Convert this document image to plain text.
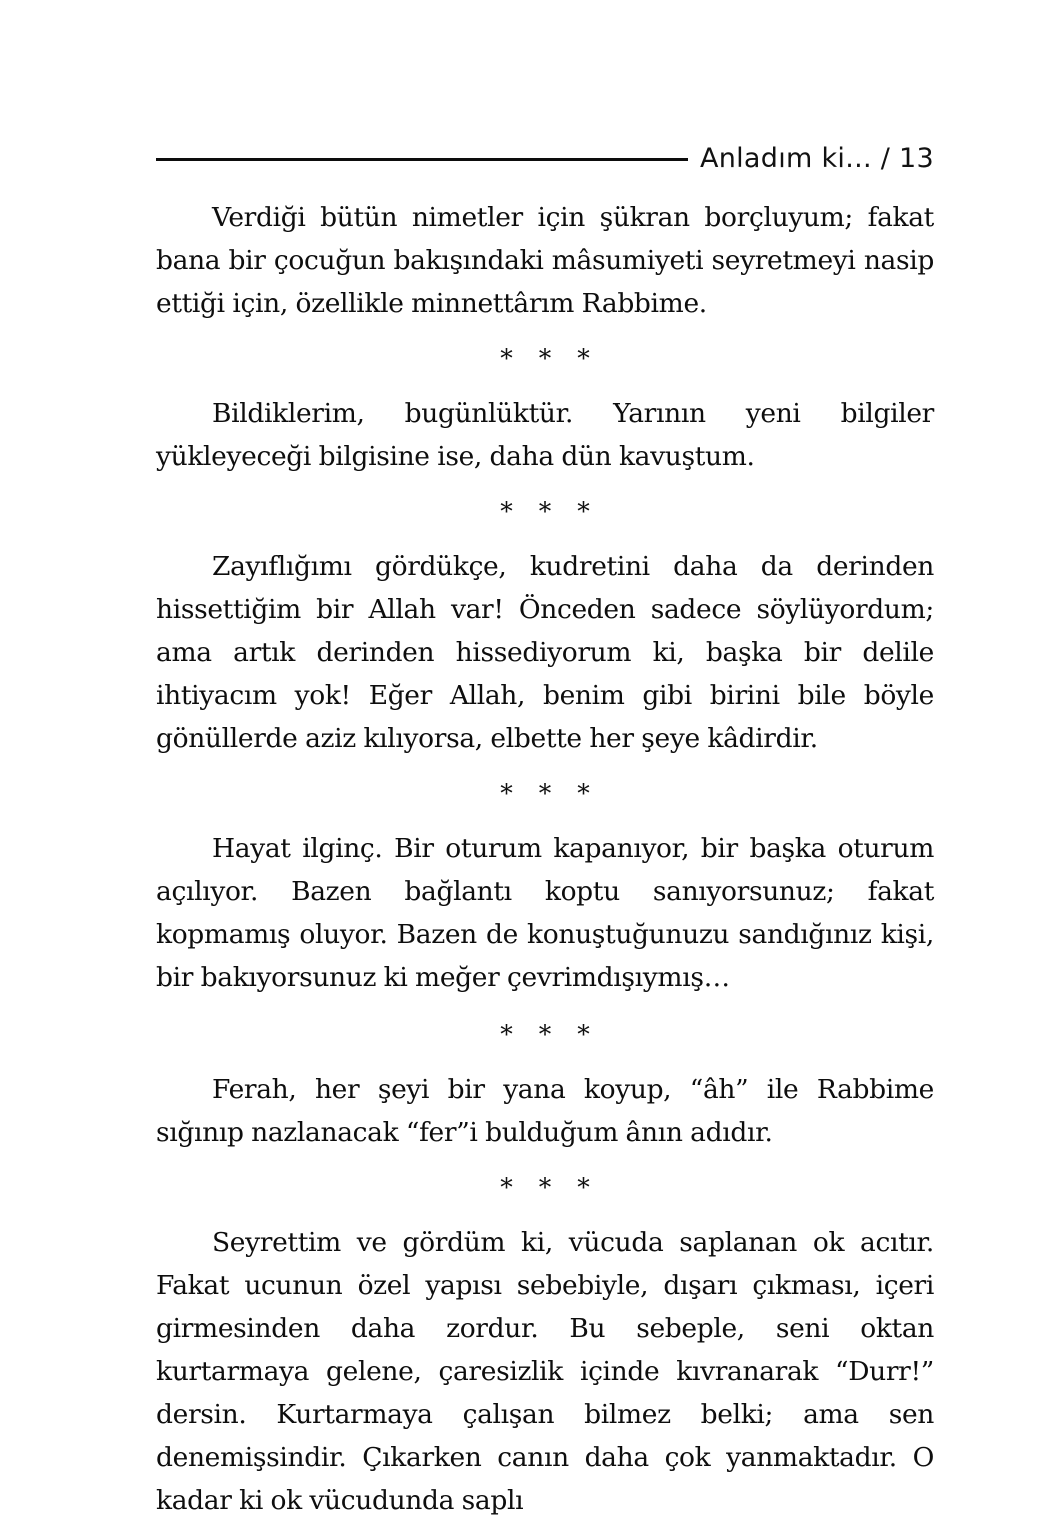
Anladım ki... / 13

Verdiği bütün nimetler için şükran borçluyum; fakat bana bir çocuğun bakışındaki mâsumiyeti seyretmeyi nasip ettiği için, özellikle minnettârım Rabbime.

* * *

Bildiklerim, bugünlüktür. Yarının yeni bilgiler yükleyeceği bilgisine ise, daha dün kavuştum.

* * *

Zayıflığımı gördükçe, kudretini daha da derinden hissettiğim bir Allah var! Önceden sadece söylüyordum; ama artık derinden hissediyorum ki, başka bir delile ihtiyacım yok! Eğer Allah, benim gibi birini bile böyle gönüllerde aziz kılıyorsa, elbette her şeye kâdirdir.

* * *

Hayat ilginç. Bir oturum kapanıyor, bir başka oturum açılıyor. Bazen bağlantı koptu sanıyorsunuz; fakat kopmamış oluyor. Bazen de konuştuğunuzu sandığınız kişi, bir bakıyorsunuz ki meğer çevrimdışıymış…

* * *

Ferah, her şeyi bir yana koyup, “âh” ile Rabbime sığınıp nazlanacak “fer”i bulduğum ânın adıdır.

* * *

Seyrettim ve gördüm ki, vücuda saplanan ok acıtır. Fakat ucunun özel yapısı sebebiyle, dışarı çıkması, içeri girmesinden daha zordur. Bu sebeple, seni oktan kurtarmaya gelene, çaresizlik içinde kıvranarak “Durr!” dersin. Kurtarmaya çalışan bilmez belki; ama sen denemişsindir. Çıkarken canın daha çok yanmaktadır. O kadar ki ok vücudunda saplı
